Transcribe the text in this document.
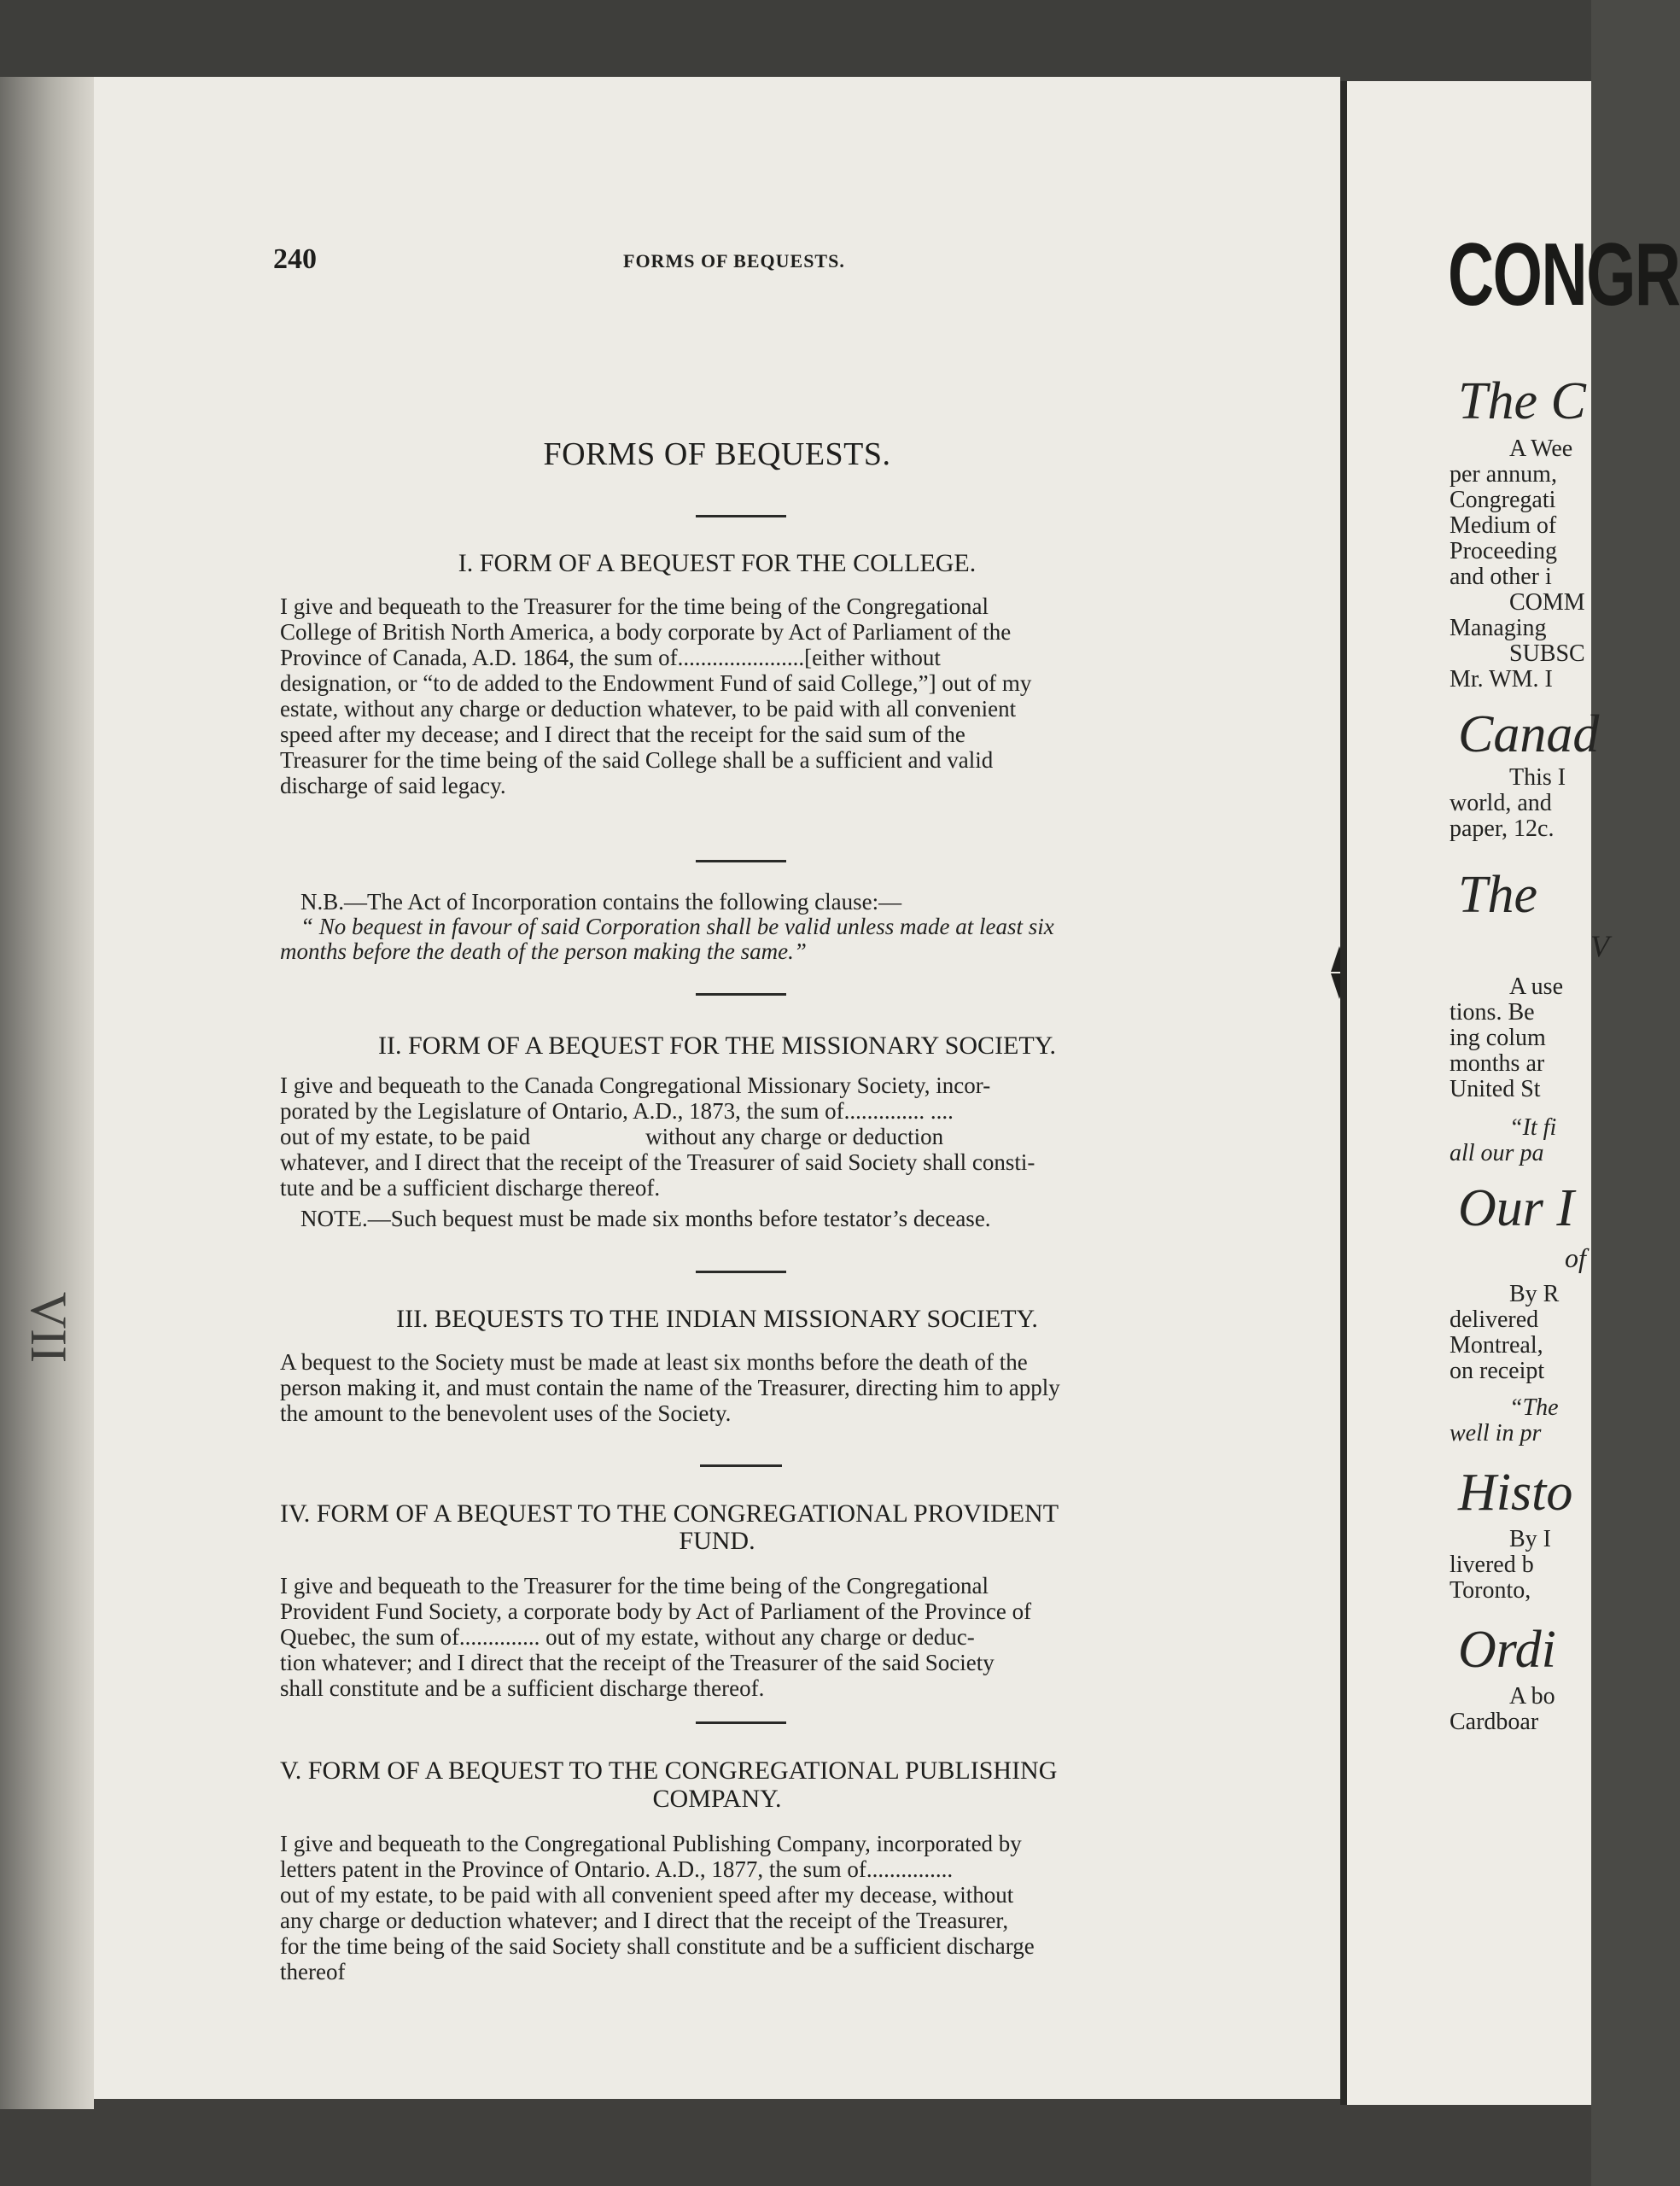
VII
240	FORMS OF BEQUESTS.
FORMS OF BEQUESTS.
I. FORM OF A BEQUEST FOR THE COLLEGE.
I give and bequeath to the Treasurer for the time being of the Congregational
College of British North America, a body corporate by Act of Parliament of the
Province of Canada, A.D. 1864, the sum of......................[either without
designation, or “to de added to the Endowment Fund of said College,”] out of my
estate, without any charge or deduction whatever, to be paid with all convenient
speed after my decease; and I direct that the receipt for the said sum of the
Treasurer for the time being of the said College shall be a sufficient and valid
discharge of said legacy.
N.B.—The Act of Incorporation contains the following clause:—
“ No bequest in favour of said Corporation shall be valid unless made at least six
months before the death of the person making the same.”
II. FORM OF A BEQUEST FOR THE MISSIONARY SOCIETY.
I give and bequeath to the Canada Congregational Missionary Society, incor-
porated by the Legislature of Ontario, A.D., 1873, the sum of.............. ....
out of my estate, to be paid                    without any charge or deduction
whatever, and I direct that the receipt of the Treasurer of said Society shall consti-
tute and be a sufficient discharge thereof.
NOTE.—Such bequest must be made six months before testator’s decease.
III. BEQUESTS TO THE INDIAN MISSIONARY SOCIETY.
A bequest to the Society must be made at least six months before the death of the
person making it, and must contain the name of the Treasurer, directing him to apply
the amount to the benevolent uses of the Society.
IV. FORM OF A BEQUEST TO THE CONGREGATIONAL PROVIDENT
FUND.
I give and bequeath to the Treasurer for the time being of the Congregational
Provident Fund Society, a corporate body by Act of Parliament of the Province of
Quebec, the sum of.............. out of my estate, without any charge or deduc-
tion whatever; and I direct that the receipt of the Treasurer of the said Society
shall constitute and be a sufficient discharge thereof.
V. FORM OF A BEQUEST TO THE CONGREGATIONAL PUBLISHING
COMPANY.
I give and bequeath to the Congregational Publishing Company, incorporated by
letters patent in the Province of Ontario. A.D., 1877, the sum of...............
out of my estate, to be paid with all convenient speed after my decease, without
any charge or deduction whatever; and I direct that the receipt of the Treasurer,
for the time being of the said Society shall constitute and be a sufficient discharge
thereof
CONGR
The C
A Wee
per annum,
Congregati
Medium of
Proceeding
and other i
COMM
Managing
SUBSC
Mr. WM. I
Canad
This I
world, and
paper, 12c.
The
V
A use
tions. Be
ing colum
months ar
United St
“It fi
all our pa
Our I
of
By R
delivered
Montreal,
on receipt
“The
well in pr
Histo
By I
livered b
Toronto,
Ordi
A bo
Cardboar
